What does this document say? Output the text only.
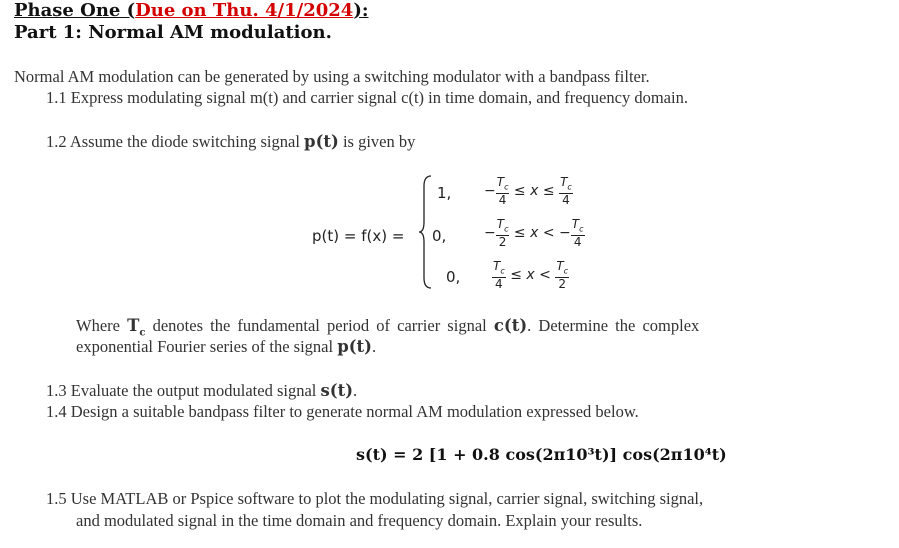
Phase One (Due on Thu. 4/1/2024):
Part 1: Normal AM modulation.
Normal AM modulation can be generated by using a switching modulator with a bandpass filter.
1.1 Express modulating signal m(t) and carrier signal c(t) in time domain, and frequency domain.
1.2 Assume the diode switching signal p(t) is given by
p(t) = f(x) =
1,
0,
0,
− $\frac{T_c}{4} \le x \le \frac{T_c}{4}$
− $\frac{T_c}{2} \le x$ < − $\frac{T_c}{4}$
$\frac{T_c}{4} \le x < \frac{T_c}{2}$
Where $T_c$ denotes the fundamental period of carrier signal c(t). Determine the complex
exponential Fourier series of the signal p(t).
1.3 Evaluate the output modulated signal s(t).
1.4 Design a suitable bandpass filter to generate normal AM modulation expressed below.
s(t) = 2 [1 + 0.8 cos(2π10³t)] cos(2π10⁴t)
1.5 Use MATLAB or Pspice software to plot the modulating signal, carrier signal, switching signal,
and modulated signal in the time domain and frequency domain. Explain your results.
